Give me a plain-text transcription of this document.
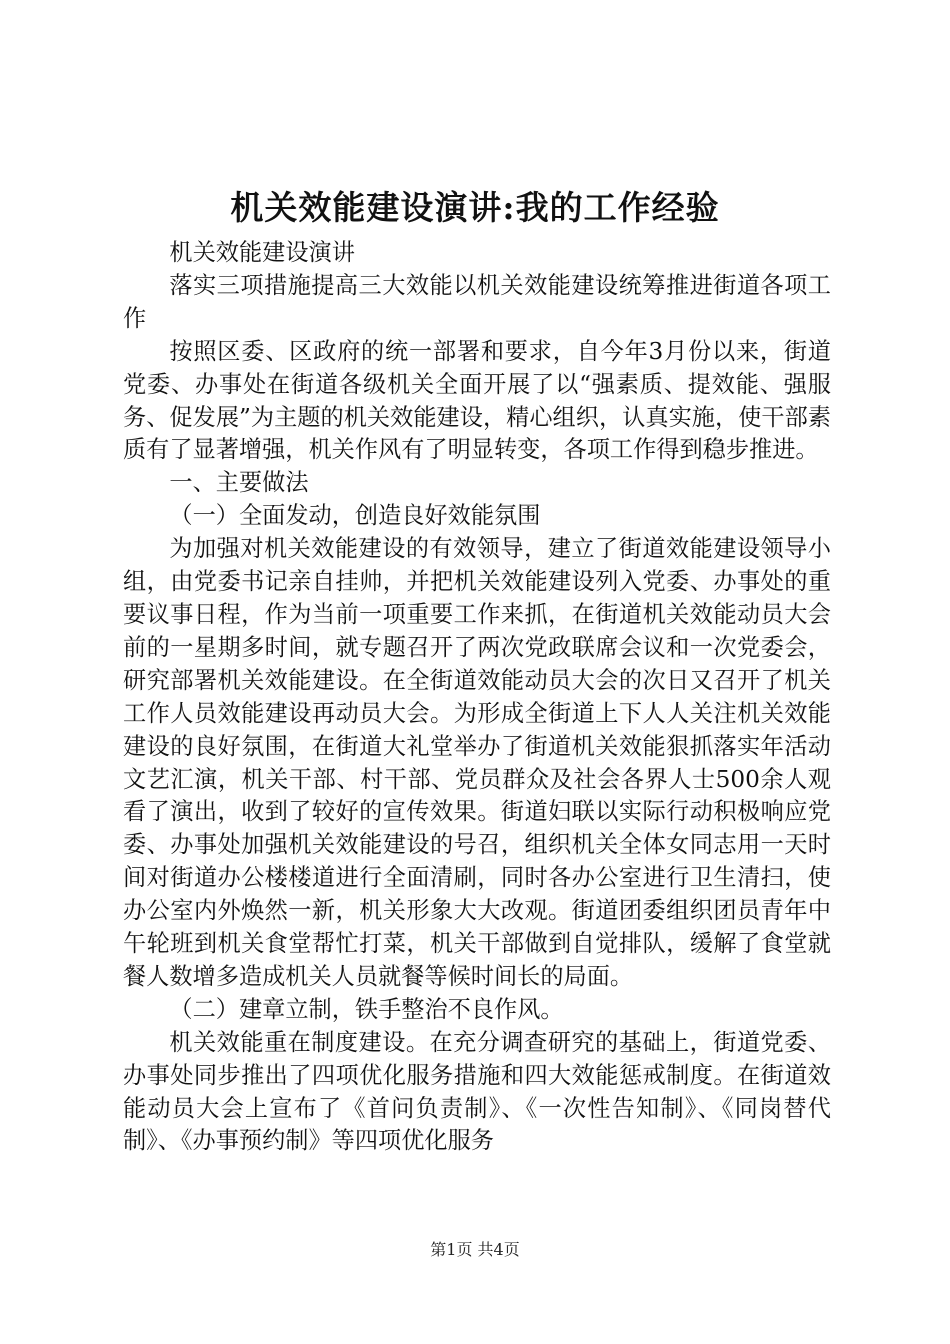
机关效能建设演讲:我的工作经验

机关效能建设演讲

落实三项措施提高三大效能以机关效能建设统筹推进街道各项工作

按照区委、区政府的统一部署和要求，自今年3月份以来，街道党委、办事处在街道各级机关全面开展了以“强素质、提效能、强服务、促发展”为主题的机关效能建设，精心组织，认真实施，使干部素质有了显著增强，机关作风有了明显转变，各项工作得到稳步推进。

一、主要做法

（一）全面发动，创造良好效能氛围

为加强对机关效能建设的有效领导，建立了街道效能建设领导小组，由党委书记亲自挂帅，并把机关效能建设列入党委、办事处的重要议事日程，作为当前一项重要工作来抓，在街道机关效能动员大会前的一星期多时间，就专题召开了两次党政联席会议和一次党委会，研究部署机关效能建设。在全街道效能动员大会的次日又召开了机关工作人员效能建设再动员大会。为形成全街道上下人人关注机关效能建设的良好氛围，在街道大礼堂举办了街道机关效能狠抓落实年活动文艺汇演，机关干部、村干部、党员群众及社会各界人士500余人观看了演出，收到了较好的宣传效果。街道妇联以实际行动积极响应党委、办事处加强机关效能建设的号召，组织机关全体女同志用一天时间对街道办公楼楼道进行全面清刷，同时各办公室进行卫生清扫，使办公室内外焕然一新，机关形象大大改观。街道团委组织团员青年中午轮班到机关食堂帮忙打菜，机关干部做到自觉排队，缓解了食堂就餐人数增多造成机关人员就餐等候时间长的局面。

（二）建章立制，铁手整治不良作风。

机关效能重在制度建设。在充分调查研究的基础上，街道党委、办事处同步推出了四项优化服务措施和四大效能惩戒制度。在街道效能动员大会上宣布了《首问负责制》、《一次性告知制》、《同岗替代制》、《办事预约制》等四项优化服务

第1页 共4页
